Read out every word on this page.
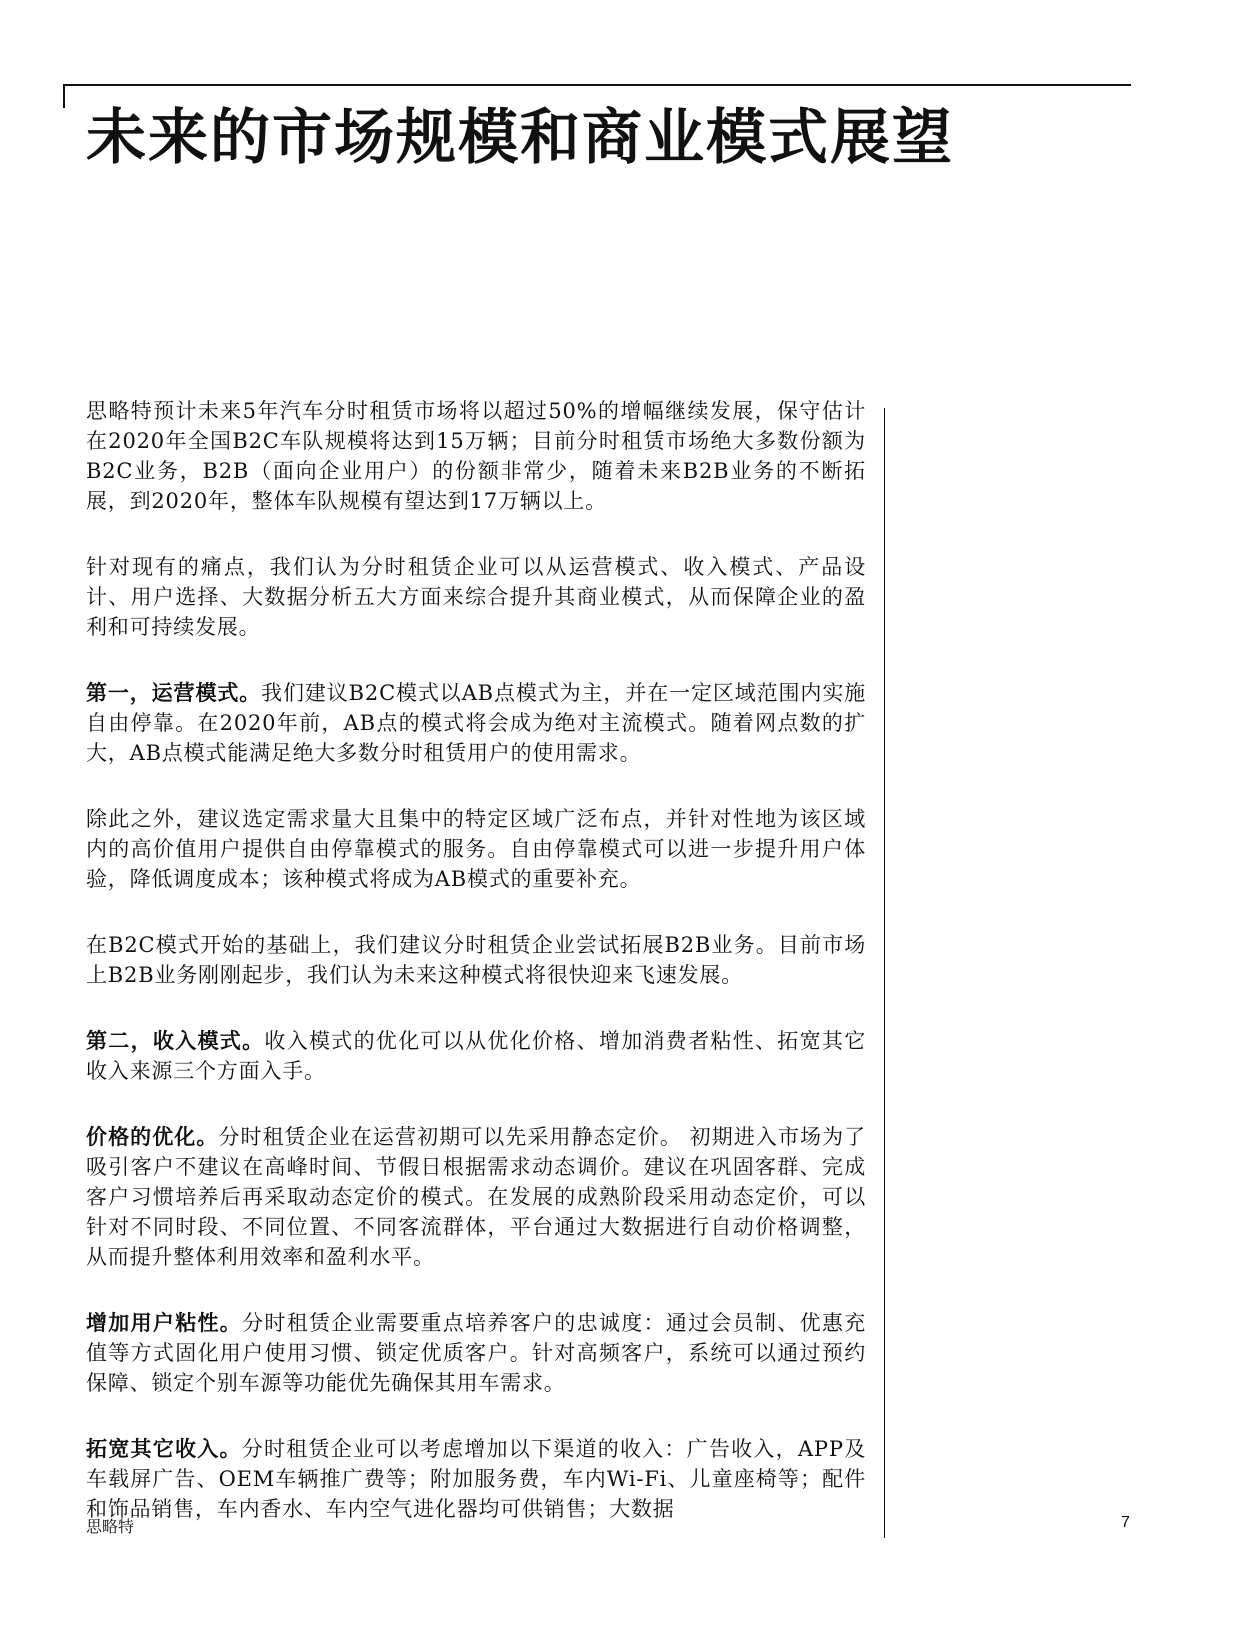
未来的市场规模和商业模式展望

思略特预计未来5年汽车分时租赁市场将以超过50%的增幅继续发展，保守估计在2020年全国B2C车队规模将达到15万辆；目前分时租赁市场绝大多数份额为B2C业务，B2B（面向企业用户）的份额非常少，随着未来B2B业务的不断拓展，到2020年，整体车队规模有望达到17万辆以上。

针对现有的痛点，我们认为分时租赁企业可以从运营模式、收入模式、产品设计、用户选择、大数据分析五大方面来综合提升其商业模式，从而保障企业的盈利和可持续发展。

第一，运营模式。我们建议B2C模式以AB点模式为主，并在一定区域范围内实施自由停靠。在2020年前，AB点的模式将会成为绝对主流模式。随着网点数的扩大，AB点模式能满足绝大多数分时租赁用户的使用需求。

除此之外，建议选定需求量大且集中的特定区域广泛布点，并针对性地为该区域内的高价值用户提供自由停靠模式的服务。自由停靠模式可以进一步提升用户体验，降低调度成本；该种模式将成为AB模式的重要补充。

在B2C模式开始的基础上，我们建议分时租赁企业尝试拓展B2B业务。目前市场上B2B业务刚刚起步，我们认为未来这种模式将很快迎来飞速发展。

第二，收入模式。收入模式的优化可以从优化价格、增加消费者粘性、拓宽其它收入来源三个方面入手。

价格的优化。分时租赁企业在运营初期可以先采用静态定价。 初期进入市场为了吸引客户不建议在高峰时间、节假日根据需求动态调价。建议在巩固客群、完成客户习惯培养后再采取动态定价的模式。在发展的成熟阶段采用动态定价，可以针对不同时段、不同位置、不同客流群体，平台通过大数据进行自动价格调整，从而提升整体利用效率和盈利水平。

增加用户粘性。分时租赁企业需要重点培养客户的忠诚度：通过会员制、优惠充值等方式固化用户使用习惯、锁定优质客户。针对高频客户，系统可以通过预约保障、锁定个别车源等功能优先确保其用车需求。

拓宽其它收入。分时租赁企业可以考虑增加以下渠道的收入：广告收入，APP及车载屏广告、OEM车辆推广费等；附加服务费，车内Wi-Fi、儿童座椅等；配件和饰品销售，车内香水、车内空气进化器均可供销售；大数据

思略特	7
